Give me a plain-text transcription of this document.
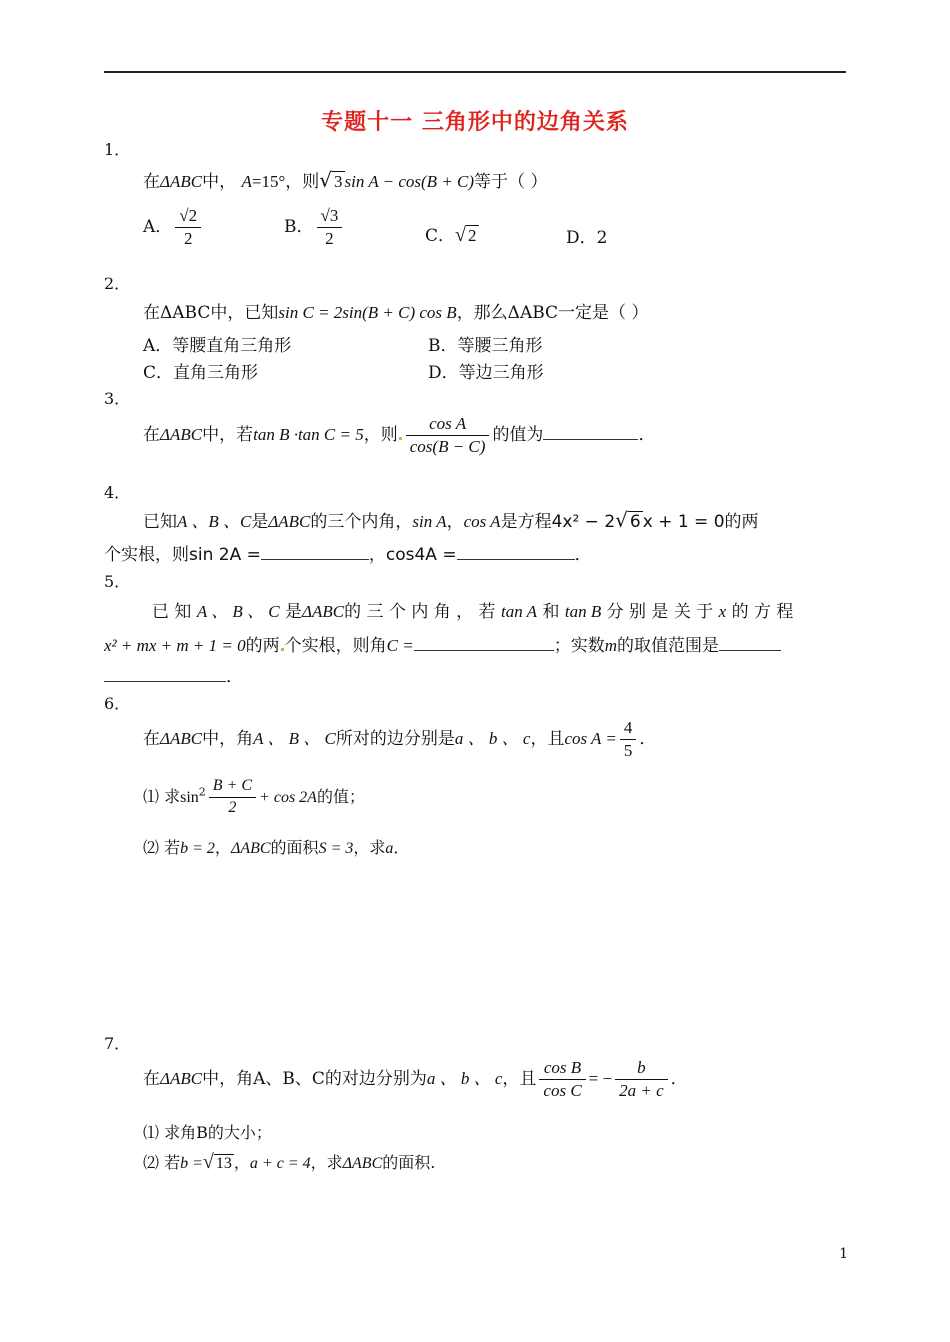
专题十一 三角形中的边角关系
1．
在ΔABC中， A=15°，则√ 3 sin A − cos(B + C)等于（ ）
A． $\frac{√2}{2}$	B． $\frac{√3}{2}$	C．√ 2	D．2
2．
在ΔABC中，已知sin C = 2sin(B + C) cos B，那么ΔABC一定是（ ）
A．等腰直角三角形	B．等腰三角形
C．直角三角形	D．等边三角形
3．
在ΔABC中，若tan B ·tan C = 5，则 $\frac{\text{cos A}}{\cos(B - C)}$ 的值为	．
4．
已知A 、B 、C是ΔABC的三个内角，sin A，cos A是方程4x² − 2√ 6 x + 1 = 0的两
个实根，则sin 2A =	，cos4A =	．
5．
已 知 A 、 B 、 C 是ΔABC的 三 个 内 角 ， 若 tan A 和 tan B 分 别 是 关 于 x 的 方 程
x² + mx + m + 1 = 0的两 个实根，则角C =	；实数m的取值范围是
．
6．
在ΔABC中，角A 、 B 、 C所对的边分别是a 、 b 、 c，且$\cos A = \frac{4}{5}$ ．
⑴ 求$\sin^2 \frac{B + C}{2} + \cos 2A$的值；
⑵ 若b = 2，ΔABC的面积S = 3，求a．
7．
在ΔABC中，角A、B、C的对边分别为a 、 b 、 c，且 $\frac{\text{cos B}}{\text{cos C}}$ = − $\frac{b}{2a + c}$ ．
⑴ 求角B的大小；
⑵ 若b =√ 13 ，a + c = 4，求ΔABC的面积.
1
